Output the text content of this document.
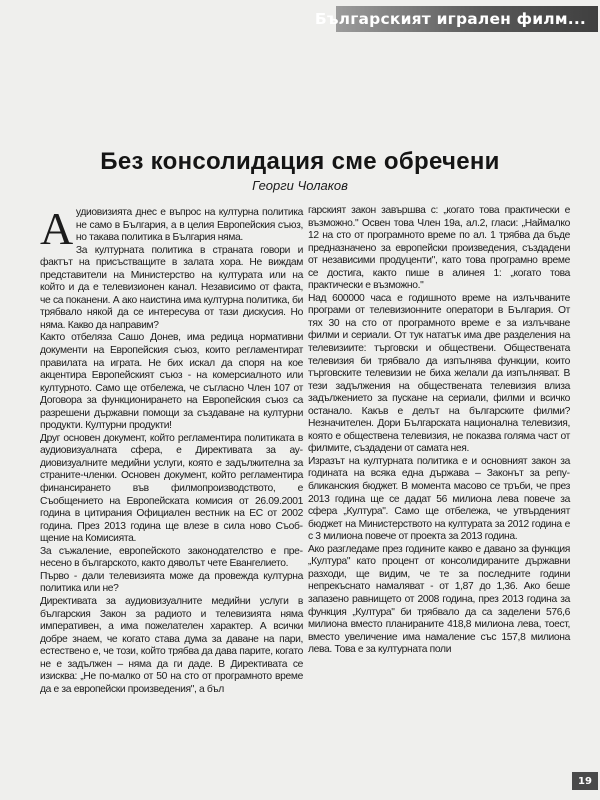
Българският игрален филм...
Без консолидация сме обречени
Георги Чолаков

Аудиовизията днес е въпрос на културна политика не само в България, а в целия Европейския съюз, но такава политика в България няма.

За културната политика в страната говори и фактът на присъстващите в залата хора. Не виждам представители на Министерство на културата или на който и да е телевизионен канал. Независимо от факта, че са поканени. А ако наистина има културна политика, би трябвало някой да се интересува от тази дискусия. Но няма. Какво да направим?

Както отбеляза Сашо Донев, има редица нормативни документи на Европейския съюз, които регламентират правилата на играта. Не бих искал да споря на кое акцентира Европейският съюз - на комерсиалното или културното. Само ще отбележа, че съгласно Член 107 от Договора за функционирането на Европейския съюз са разрешени държавни помощи за създаване на културни продукти. Културни продукти!

Друг основен документ, който регламентира политиката в аудиовизуалната сфера, е Директивата за аудиовизуалните медийни услуги, която е задължителна за страните-членки. Основен документ, който регламентира финансирането във филмопроизводството, е Съобщението на Европейската комисия от 26.09.2001 година в цитирания Официален вестник на ЕС от 2002 година. През 2013 година ще влезе в сила ново Съобщение на Комисията.

За съжаление, европейското законодателство е пренесено в българското, както дяволът чете Евангелието.

Първо - дали телевизията може да провежда културна политика или не?

Директивата за аудиовизуалните медийни услуги в българския Закон за радиото и телевизията няма императивен, а има пожелателен характер. А всички добре знаем, че когато става дума за даване на пари, естествено е, че този, който трябва да дава парите, когато не е задължен – няма да ги даде. В Директивата се изисква: „Не по-малко от 50 на сто от програмното време да е за европейски произведения", а бъл

гарският закон завършва с: „когато това практически е възможно." Освен това Член 19а, ал.2, гласи: „Наймалко 12 на сто от програмното време по ал. 1 трябва да бъде предназначено за европейски произведения, създадени от независими продуценти", като това програмно време се достига, както пише в алинея 1: „когато това практически е възможно."

Над 600000 часа е годишното време на излъчваните програми от телевизионните оператори в България. От тях 30 на сто от програмното време е за излъчване филми и сериали. От тук нататък има две разделения на телевизиите: търговски и обществени. Обществената телевизия би трябвало да изпълнява функции, които търговските телевизии не биха желали да изпълняват. В тези задължения на обществената телевизия влиза задължението за пускане на сериали, филми и всичко останало. Какъв е делът на българските филми? Незначителен. Дори Българската национална телевизия, която е обществена телевизия, не показва голяма част от филмите, създадени от самата нея.

Изразът на културната политика е и основният закон за годината на всяка една държава – Законът за републиканския бюджет. В момента масово се тръби, че през 2013 година ще се дадат 56 милиона лева повече за сфера „Култура". Само ще отбележа, че утвърденият бюджет на Министерството на културата за 2012 година е с 3 милиона повече от проекта за 2013 година.

Ако разгледаме през годините какво е давано за функция „Култура" като процент от консолидираните държавни разходи, ще видим, че те за последните години непрекъснато намаляват - от 1,87 до 1,36. Ако беше запазено равнището от 2008 година, през 2013 година за функция „Култура" би трябвало да са заделени 576,6 милиона вместо планираните 418,8 милиона лева, тоест, вместо увеличение има намаление със 157,8 милиона лева. Това е за културната поли

19
